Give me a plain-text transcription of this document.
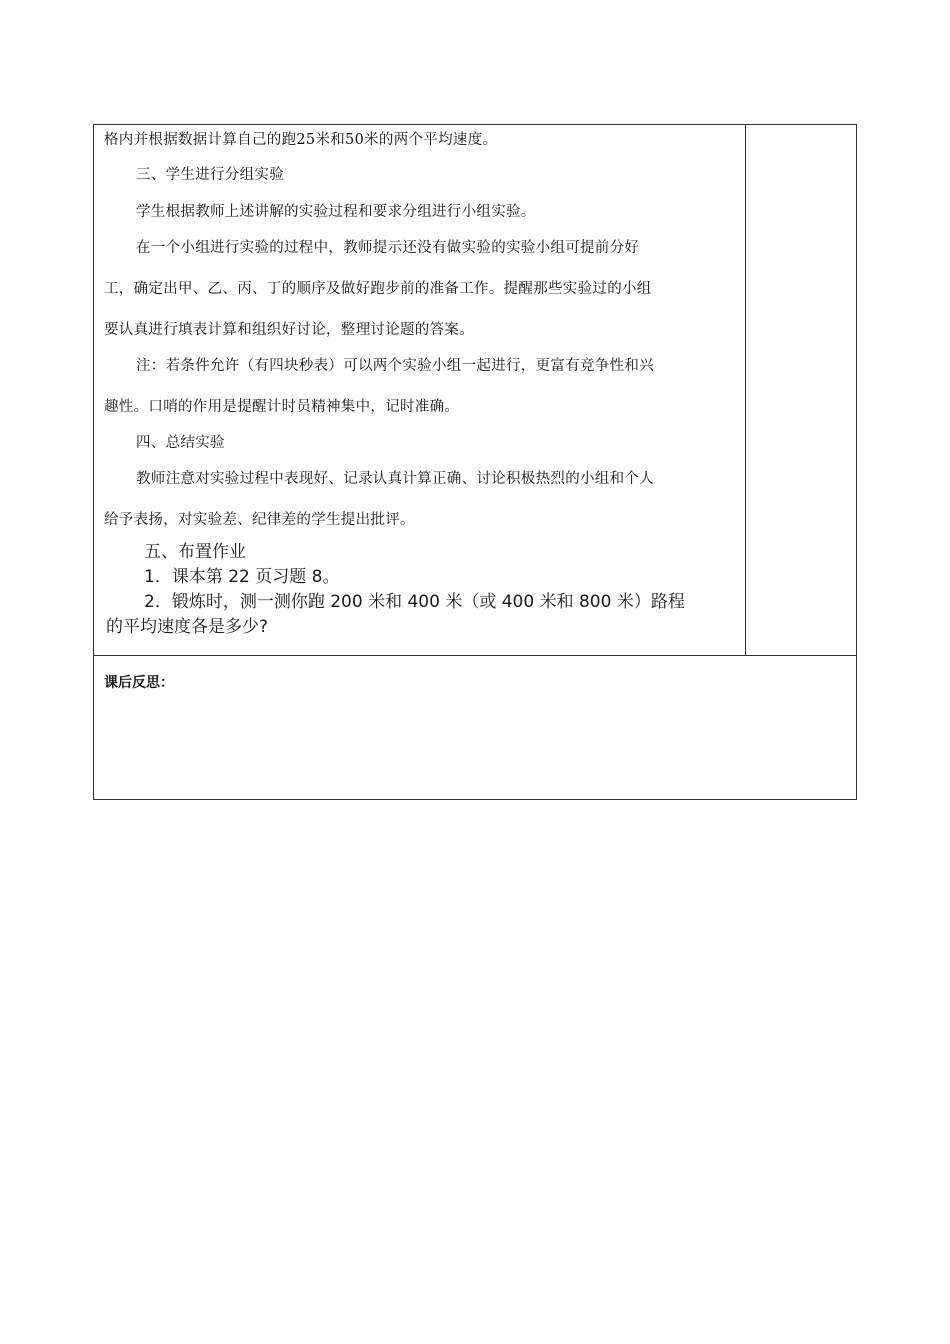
格内并根据数据计算自己的跑25米和50米的两个平均速度。
三、学生进行分组实验
学生根据教师上述讲解的实验过程和要求分组进行小组实验。
在一个小组进行实验的过程中，教师提示还没有做实验的实验小组可提前分好
工，确定出甲、乙、丙、丁的顺序及做好跑步前的准备工作。提醒那些实验过的小组
要认真进行填表计算和组织好讨论，整理讨论题的答案。
注：若条件允许（有四块秒表）可以两个实验小组一起进行，更富有竞争性和兴
趣性。口哨的作用是提醒计时员精神集中，记时准确。
四、总结实验
教师注意对实验过程中表现好、记录认真计算正确、讨论积极热烈的小组和个人
给予表扬，对实验差、纪律差的学生提出批评。
五、布置作业
1．课本第 22 页习题 8。
2．锻炼时，测一测你跑 200 米和 400 米（或 400 米和 800 米）路程
的平均速度各是多少?
课后反思：
